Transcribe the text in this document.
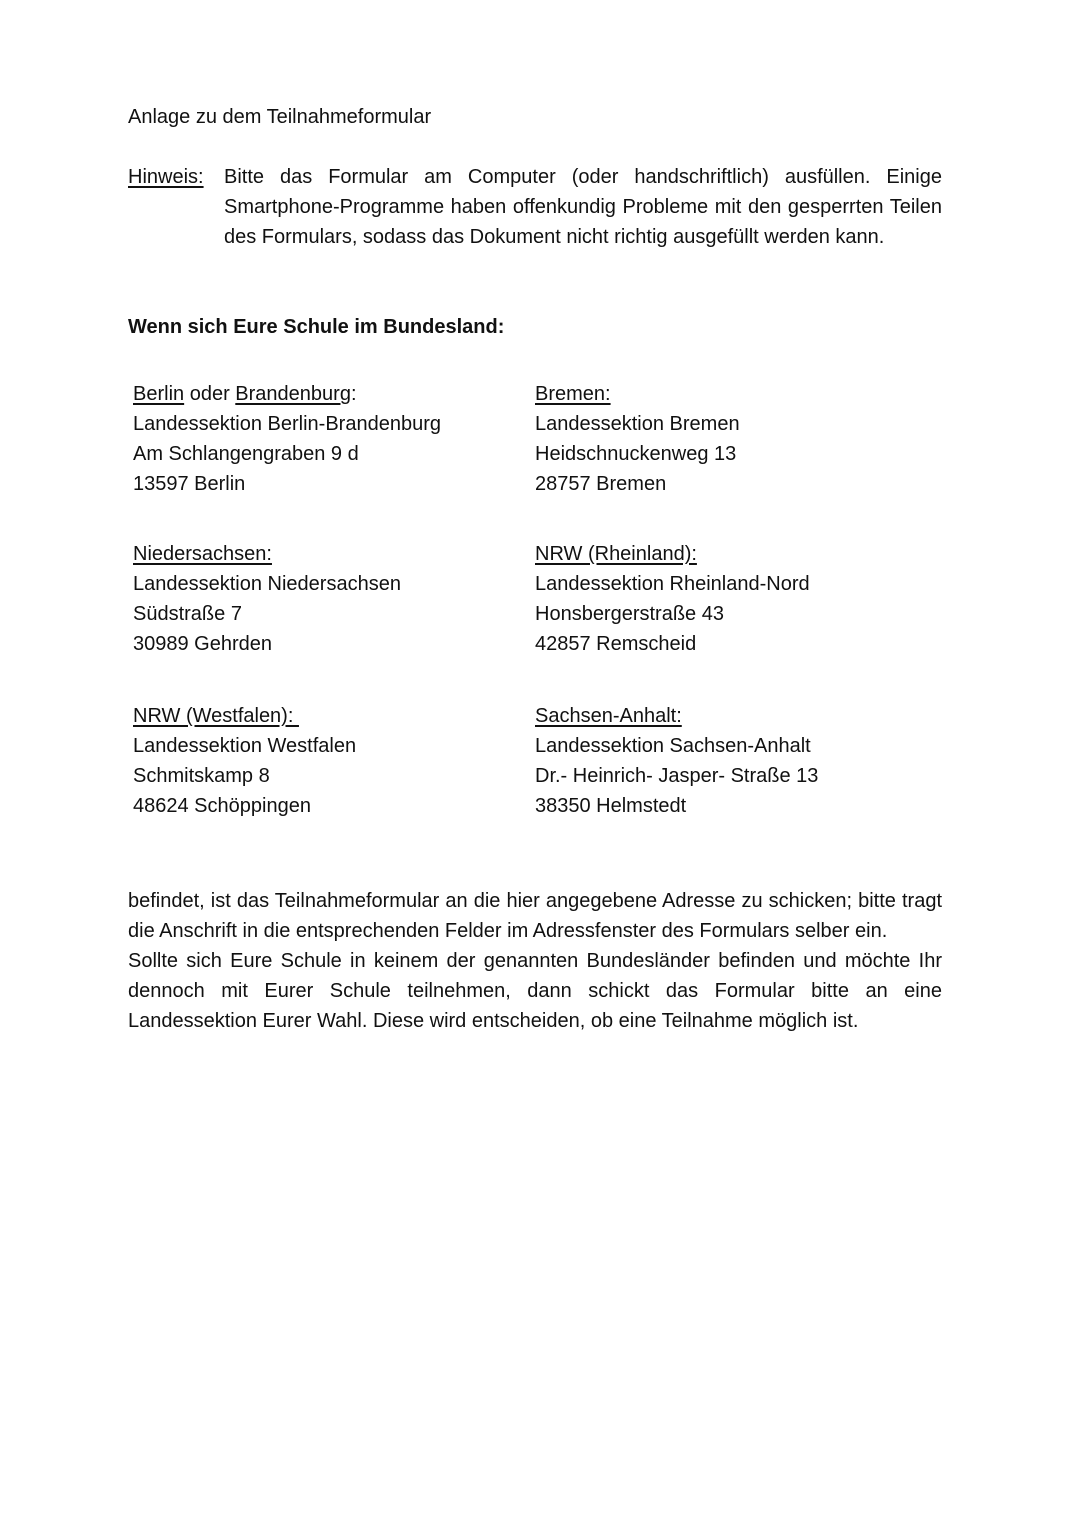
Anlage zu dem Teilnahmeformular
Hinweis: Bitte das Formular am Computer (oder handschriftlich) ausfüllen. Einige Smartphone-Programme haben offenkundig Probleme mit den gesperrten Teilen des Formulars, sodass das Dokument nicht richtig ausgefüllt werden kann.
Wenn sich Eure Schule im Bundesland:
Berlin oder Brandenburg:
Landessektion Berlin-Brandenburg
Am Schlangengraben 9 d
13597 Berlin
Bremen:
Landessektion Bremen
Heidschnuckenweg 13
28757 Bremen
Niedersachsen:
Landessektion Niedersachsen
Südstraße 7
30989 Gehrden
NRW (Rheinland):
Landessektion Rheinland-Nord
Honsbergerstraße 43
42857 Remscheid
NRW (Westfalen):
Landessektion Westfalen
Schmitskamp 8
48624 Schöppingen
Sachsen-Anhalt:
Landessektion Sachsen-Anhalt
Dr.- Heinrich- Jasper- Straße 13
38350 Helmstedt

befindet, ist das Teilnahmeformular an die hier angegebene Adresse zu schicken; bitte tragt die Anschrift in die entsprechenden Felder im Adressfenster des Formulars selber ein.

Sollte sich Eure Schule in keinem der genannten Bundesländer befinden und möchte Ihr dennoch mit Eurer Schule teilnehmen, dann schickt das Formular bitte an eine Landessektion Eurer Wahl. Diese wird entscheiden, ob eine Teilnahme möglich ist.
